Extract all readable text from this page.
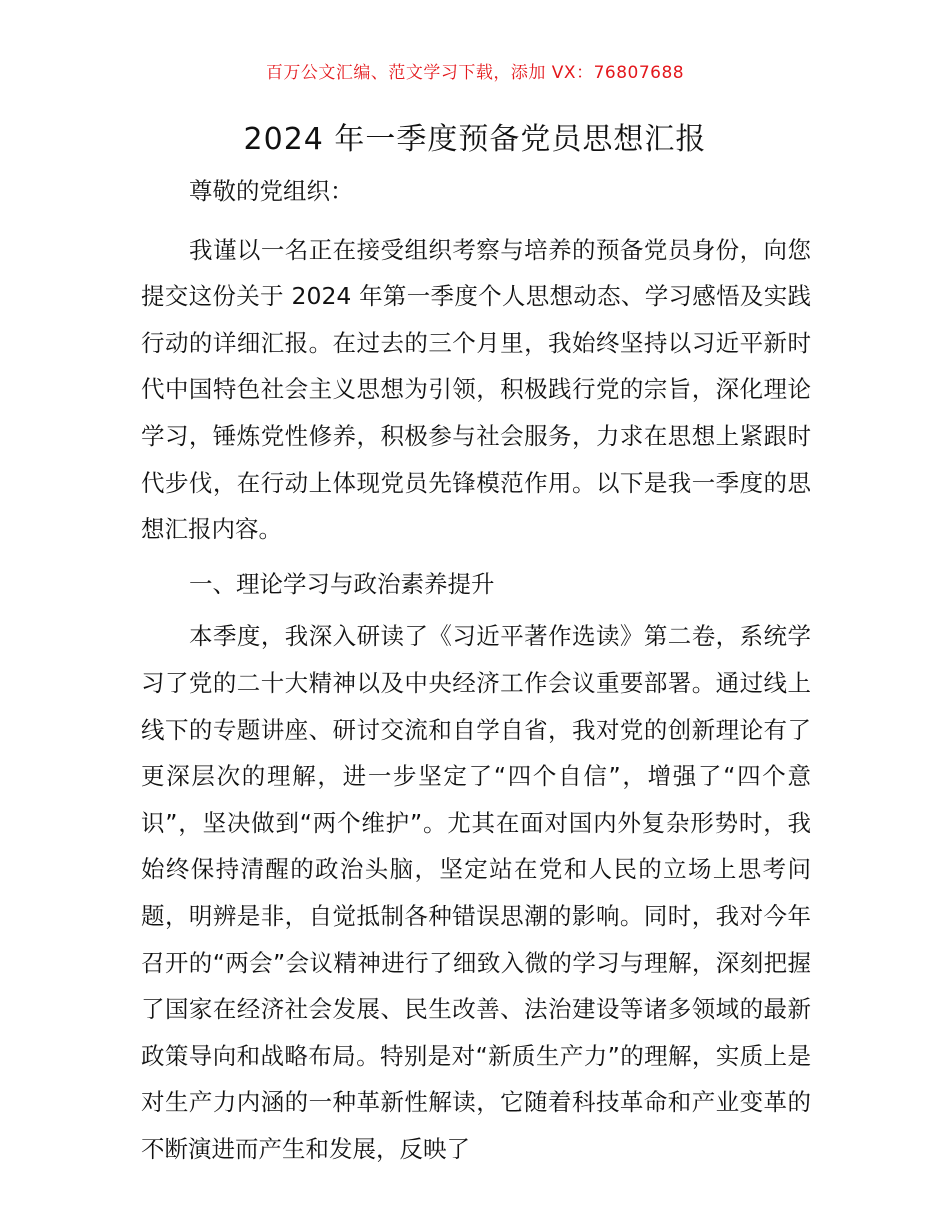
百万公文汇编、范文学习下载，添加 VX：76807688
2024 年一季度预备党员思想汇报

尊敬的党组织：

我谨以一名正在接受组织考察与培养的预备党员身份，向您提交这份关于 2024 年第一季度个人思想动态、学习感悟及实践行动的详细汇报。在过去的三个月里，我始终坚持以习近平新时代中国特色社会主义思想为引领，积极践行党的宗旨，深化理论学习，锤炼党性修养，积极参与社会服务，力求在思想上紧跟时代步伐，在行动上体现党员先锋模范作用。以下是我一季度的思想汇报内容。

一、理论学习与政治素养提升

本季度，我深入研读了《习近平著作选读》第二卷，系统学习了党的二十大精神以及中央经济工作会议重要部署。通过线上线下的专题讲座、研讨交流和自学自省，我对党的创新理论有了更深层次的理解，进一步坚定了“四个自信”，增强了“四个意识”，坚决做到“两个维护”。尤其在面对国内外复杂形势时，我始终保持清醒的政治头脑，坚定站在党和人民的立场上思考问题，明辨是非，自觉抵制各种错误思潮的影响。同时，我对今年召开的“两会”会议精神进行了细致入微的学习与理解，深刻把握了国家在经济社会发展、民生改善、法治建设等诸多领域的最新政策导向和战略布局。特别是对“新质生产力”的理解，实质上是对生产力内涵的一种革新性解读，它随着科技革命和产业变革的不断演进而产生和发展，反映了
